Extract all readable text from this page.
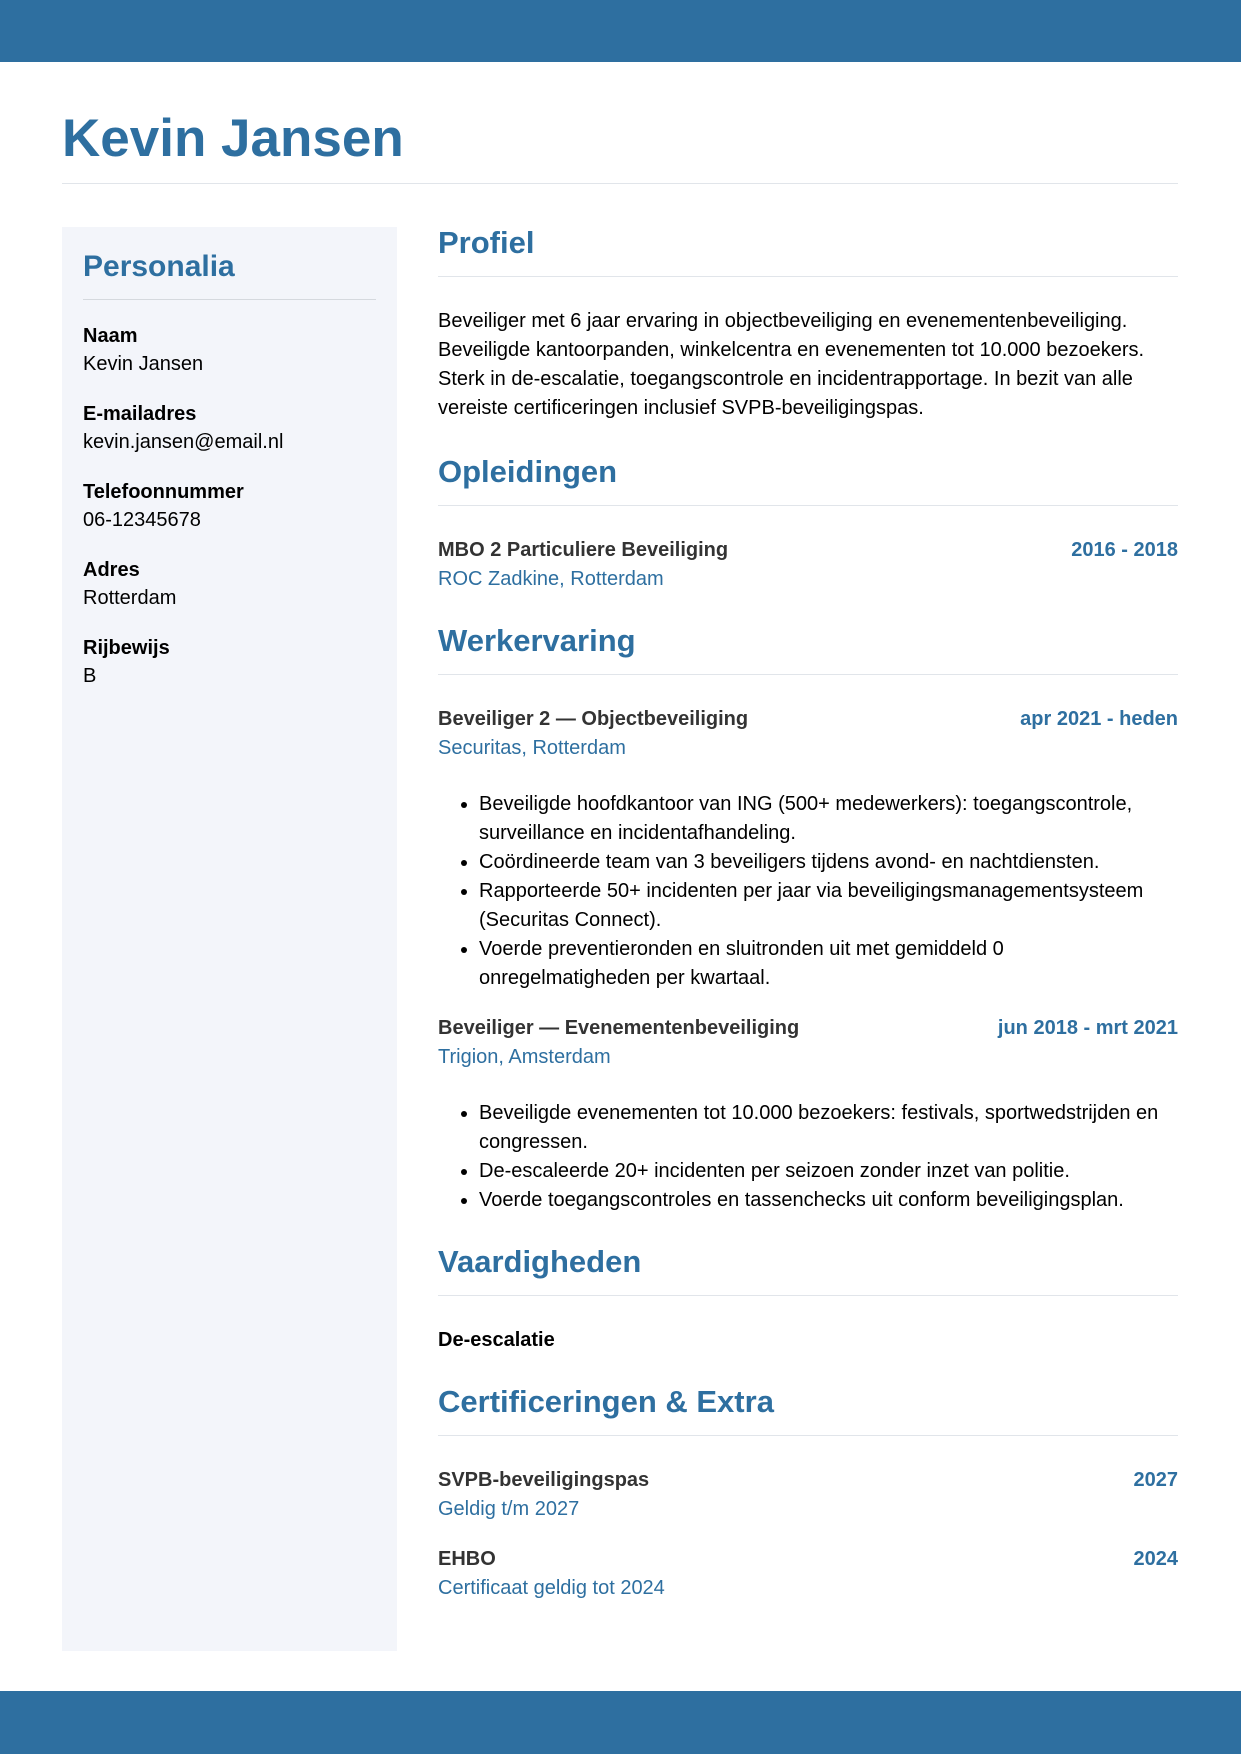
Kevin Jansen
Personalia
Naam
Kevin Jansen
E-mailadres
kevin.jansen@email.nl
Telefoonnummer
06-12345678
Adres
Rotterdam
Rijbewijs
B
Profiel

Beveiliger met 6 jaar ervaring in objectbeveiliging en evenementenbeveiliging. Beveiligde kantoorpanden, winkelcentra en evenementen tot 10.000 bezoekers. Sterk in de-escalatie, toegangscontrole en incidentrapportage. In bezit van alle vereiste certificeringen inclusief SVPB-beveiligingspas.

Opleidingen
MBO 2 Particuliere Beveiliging	2016 - 2018
ROC Zadkine, Rotterdam
Werkervaring
Beveiliger 2 — Objectbeveiliging	apr 2021 - heden
Securitas, Rotterdam
• Beveiligde hoofdkantoor van ING (500+ medewerkers): toegangscontrole, surveillance en incidentafhandeling.
• Coördineerde team van 3 beveiligers tijdens avond- en nachtdiensten.
• Rapporteerde 50+ incidenten per jaar via beveiligingsmanagementsysteem (Securitas Connect).
• Voerde preventieronden en sluitronden uit met gemiddeld 0 onregelmatigheden per kwartaal.
Beveiliger — Evenementenbeveiliging	jun 2018 - mrt 2021
Trigion, Amsterdam
• Beveiligde evenementen tot 10.000 bezoekers: festivals, sportwedstrijden en congressen.
• De-escaleerde 20+ incidenten per seizoen zonder inzet van politie.
• Voerde toegangscontroles en tassenchecks uit conform beveiligingsplan.
Vaardigheden
De-escalatie
Certificeringen & Extra
SVPB-beveiligingspas	2027
Geldig t/m 2027
EHBO	2024
Certificaat geldig tot 2024
